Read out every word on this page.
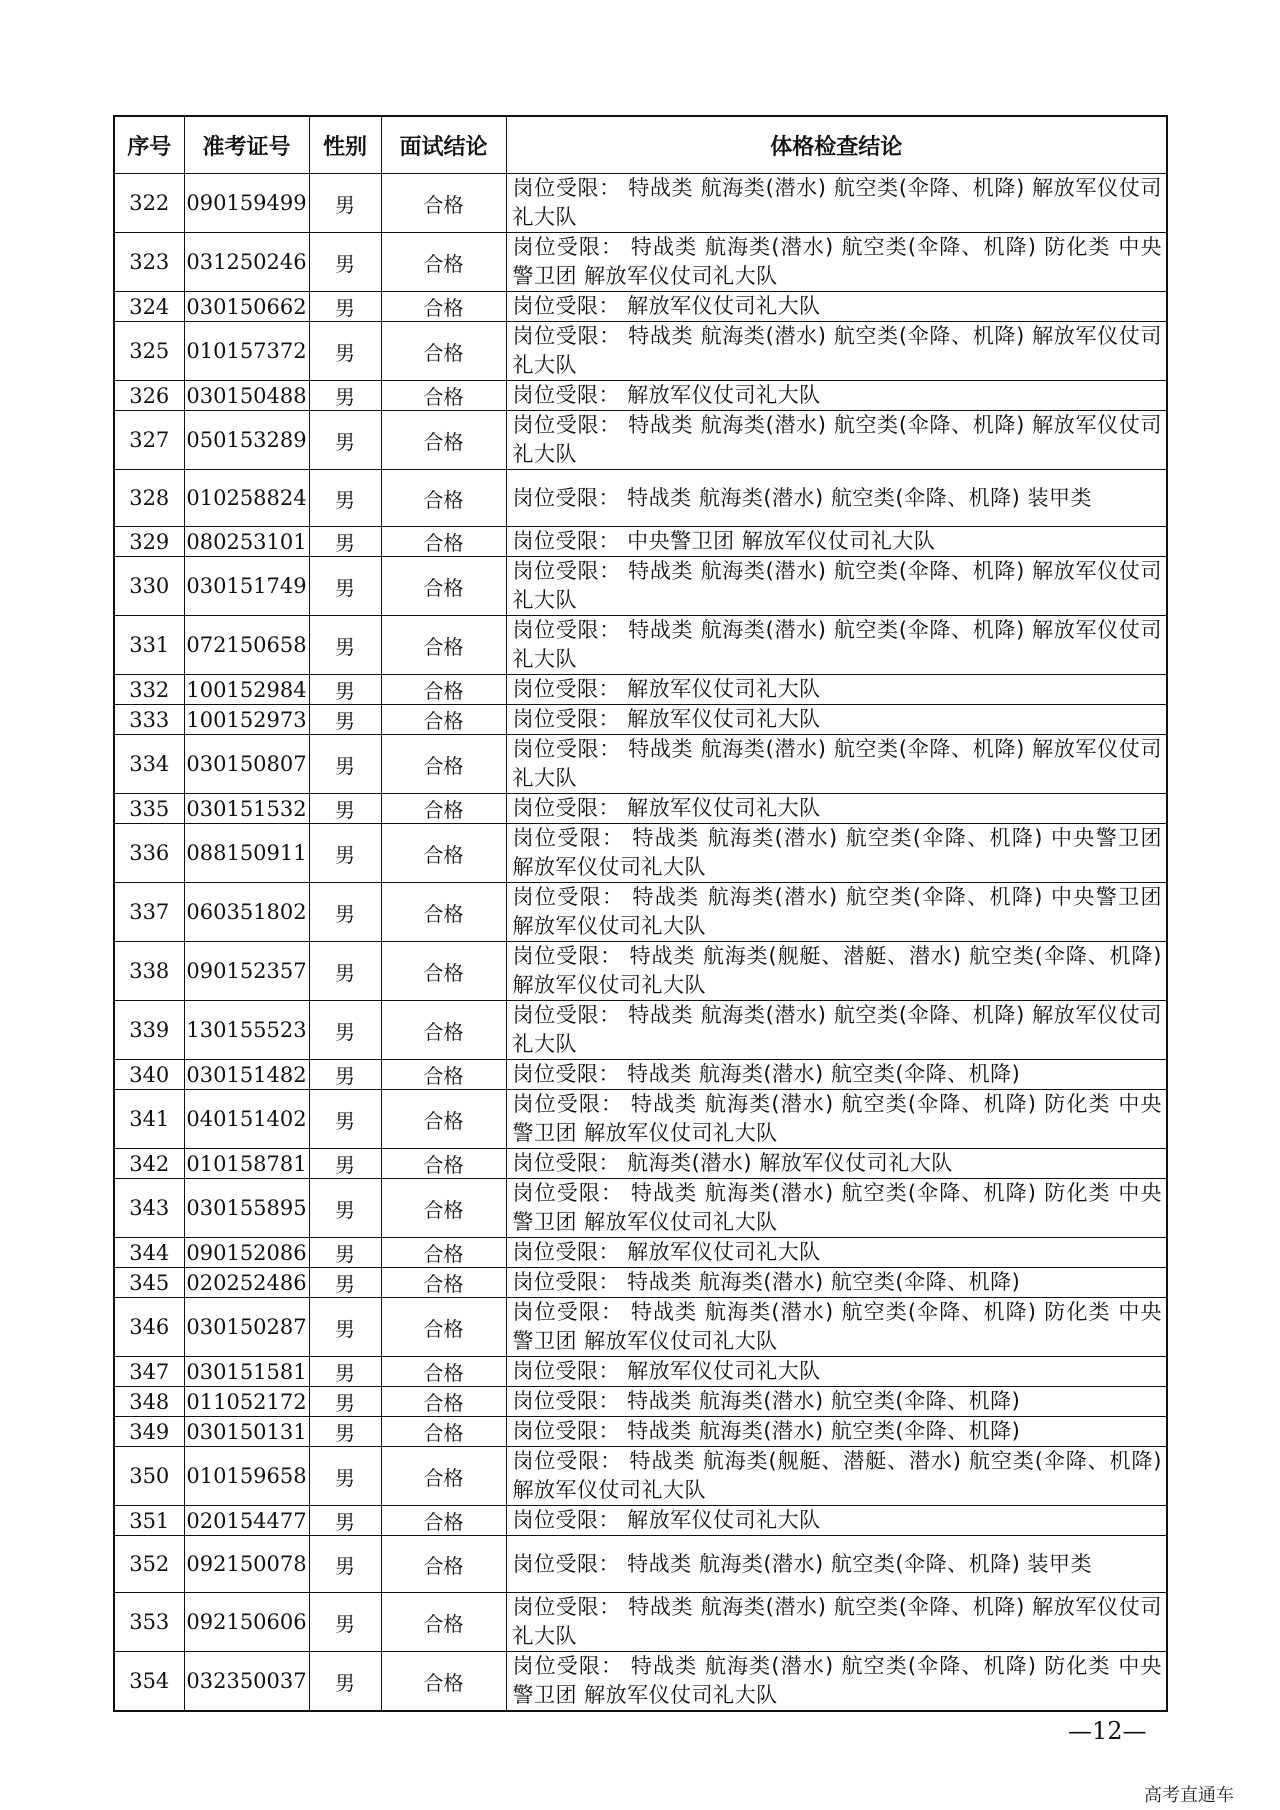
序号	准考证号	性别	面试结论	体格检查结论
322	090159499	男	合格	岗位受限： 特战类 航海类(潜水) 航空类(伞降、机降) 解放军仪仗司礼大队
323	031250246	男	合格	岗位受限： 特战类 航海类(潜水) 航空类(伞降、机降) 防化类 中央警卫团 解放军仪仗司礼大队
324	030150662	男	合格	岗位受限： 解放军仪仗司礼大队
325	010157372	男	合格	岗位受限： 特战类 航海类(潜水) 航空类(伞降、机降) 解放军仪仗司礼大队
326	030150488	男	合格	岗位受限： 解放军仪仗司礼大队
327	050153289	男	合格	岗位受限： 特战类 航海类(潜水) 航空类(伞降、机降) 解放军仪仗司礼大队
328	010258824	男	合格	岗位受限： 特战类 航海类(潜水) 航空类(伞降、机降) 装甲类
329	080253101	男	合格	岗位受限： 中央警卫团 解放军仪仗司礼大队
330	030151749	男	合格	岗位受限： 特战类 航海类(潜水) 航空类(伞降、机降) 解放军仪仗司礼大队
331	072150658	男	合格	岗位受限： 特战类 航海类(潜水) 航空类(伞降、机降) 解放军仪仗司礼大队
332	100152984	男	合格	岗位受限： 解放军仪仗司礼大队
333	100152973	男	合格	岗位受限： 解放军仪仗司礼大队
334	030150807	男	合格	岗位受限： 特战类 航海类(潜水) 航空类(伞降、机降) 解放军仪仗司礼大队
335	030151532	男	合格	岗位受限： 解放军仪仗司礼大队
336	088150911	男	合格	岗位受限： 特战类 航海类(潜水) 航空类(伞降、机降) 中央警卫团 解放军仪仗司礼大队
337	060351802	男	合格	岗位受限： 特战类 航海类(潜水) 航空类(伞降、机降) 中央警卫团 解放军仪仗司礼大队
338	090152357	男	合格	岗位受限： 特战类 航海类(舰艇、潜艇、潜水) 航空类(伞降、机降) 解放军仪仗司礼大队
339	130155523	男	合格	岗位受限： 特战类 航海类(潜水) 航空类(伞降、机降) 解放军仪仗司礼大队
340	030151482	男	合格	岗位受限： 特战类 航海类(潜水) 航空类(伞降、机降)
341	040151402	男	合格	岗位受限： 特战类 航海类(潜水) 航空类(伞降、机降) 防化类 中央警卫团 解放军仪仗司礼大队
342	010158781	男	合格	岗位受限： 航海类(潜水) 解放军仪仗司礼大队
343	030155895	男	合格	岗位受限： 特战类 航海类(潜水) 航空类(伞降、机降) 防化类 中央警卫团 解放军仪仗司礼大队
344	090152086	男	合格	岗位受限： 解放军仪仗司礼大队
345	020252486	男	合格	岗位受限： 特战类 航海类(潜水) 航空类(伞降、机降)
346	030150287	男	合格	岗位受限： 特战类 航海类(潜水) 航空类(伞降、机降) 防化类 中央警卫团 解放军仪仗司礼大队
347	030151581	男	合格	岗位受限： 解放军仪仗司礼大队
348	011052172	男	合格	岗位受限： 特战类 航海类(潜水) 航空类(伞降、机降)
349	030150131	男	合格	岗位受限： 特战类 航海类(潜水) 航空类(伞降、机降)
350	010159658	男	合格	岗位受限： 特战类 航海类(舰艇、潜艇、潜水) 航空类(伞降、机降) 解放军仪仗司礼大队
351	020154477	男	合格	岗位受限： 解放军仪仗司礼大队
352	092150078	男	合格	岗位受限： 特战类 航海类(潜水) 航空类(伞降、机降) 装甲类
353	092150606	男	合格	岗位受限： 特战类 航海类(潜水) 航空类(伞降、机降) 解放军仪仗司礼大队
354	032350037	男	合格	岗位受限： 特战类 航海类(潜水) 航空类(伞降、机降) 防化类 中央警卫团 解放军仪仗司礼大队
—12—
高考直通车
